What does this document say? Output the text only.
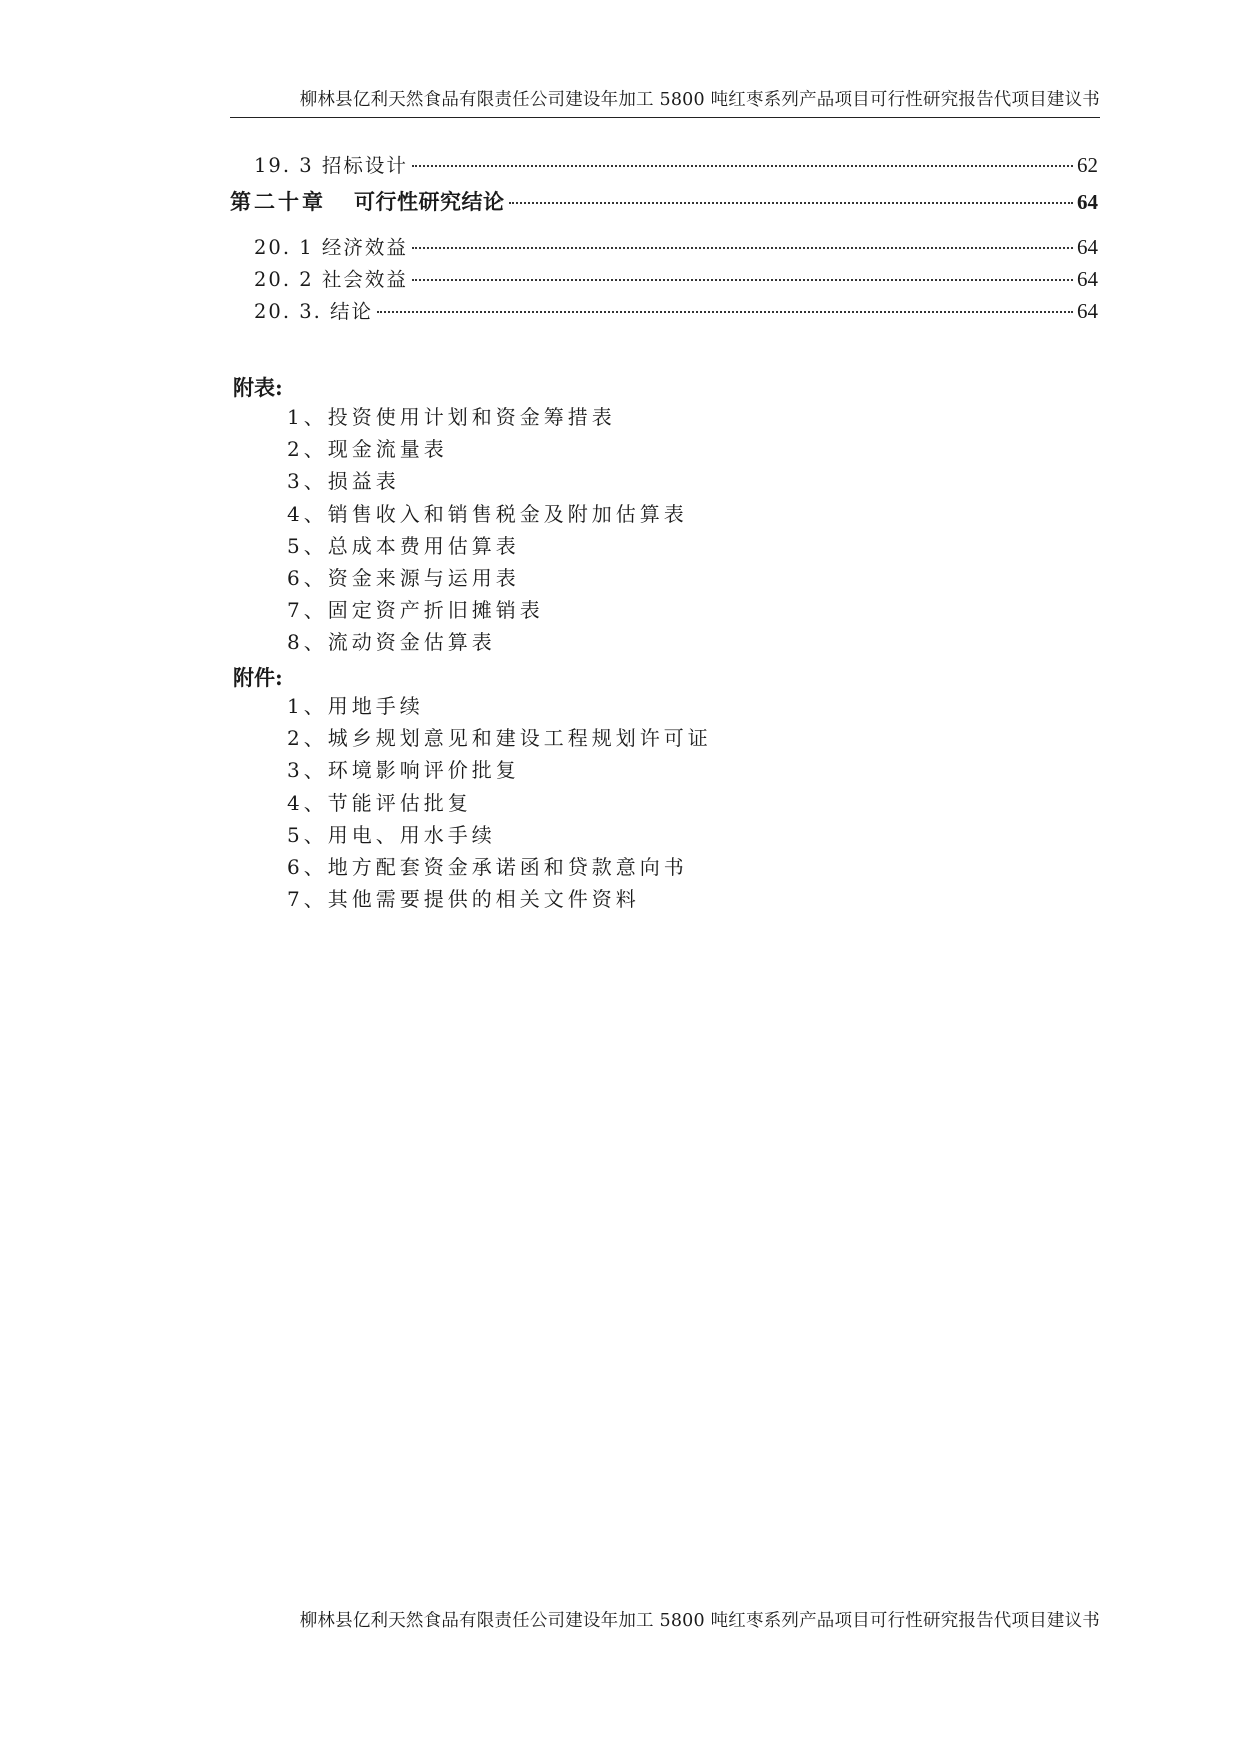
柳林县亿利天然食品有限责任公司建设年加工 5800 吨红枣系列产品项目可行性研究报告代项目建议书
19. 3 招标设计	62
第二十章 可行性研究结论	64
20. 1 经济效益	64
20. 2 社会效益	64
20. 3. 结论	64
附表:
1、投资使用计划和资金筹措表
2、现金流量表
3、损益表
4、销售收入和销售税金及附加估算表
5、总成本费用估算表
6、资金来源与运用表
7、固定资产折旧摊销表
8、流动资金估算表
附件:
1、用地手续
2、城乡规划意见和建设工程规划许可证
3、环境影响评价批复
4、节能评估批复
5、用电、用水手续
6、地方配套资金承诺函和贷款意向书
7、其他需要提供的相关文件资料
柳林县亿利天然食品有限责任公司建设年加工 5800 吨红枣系列产品项目可行性研究报告代项目建议书
